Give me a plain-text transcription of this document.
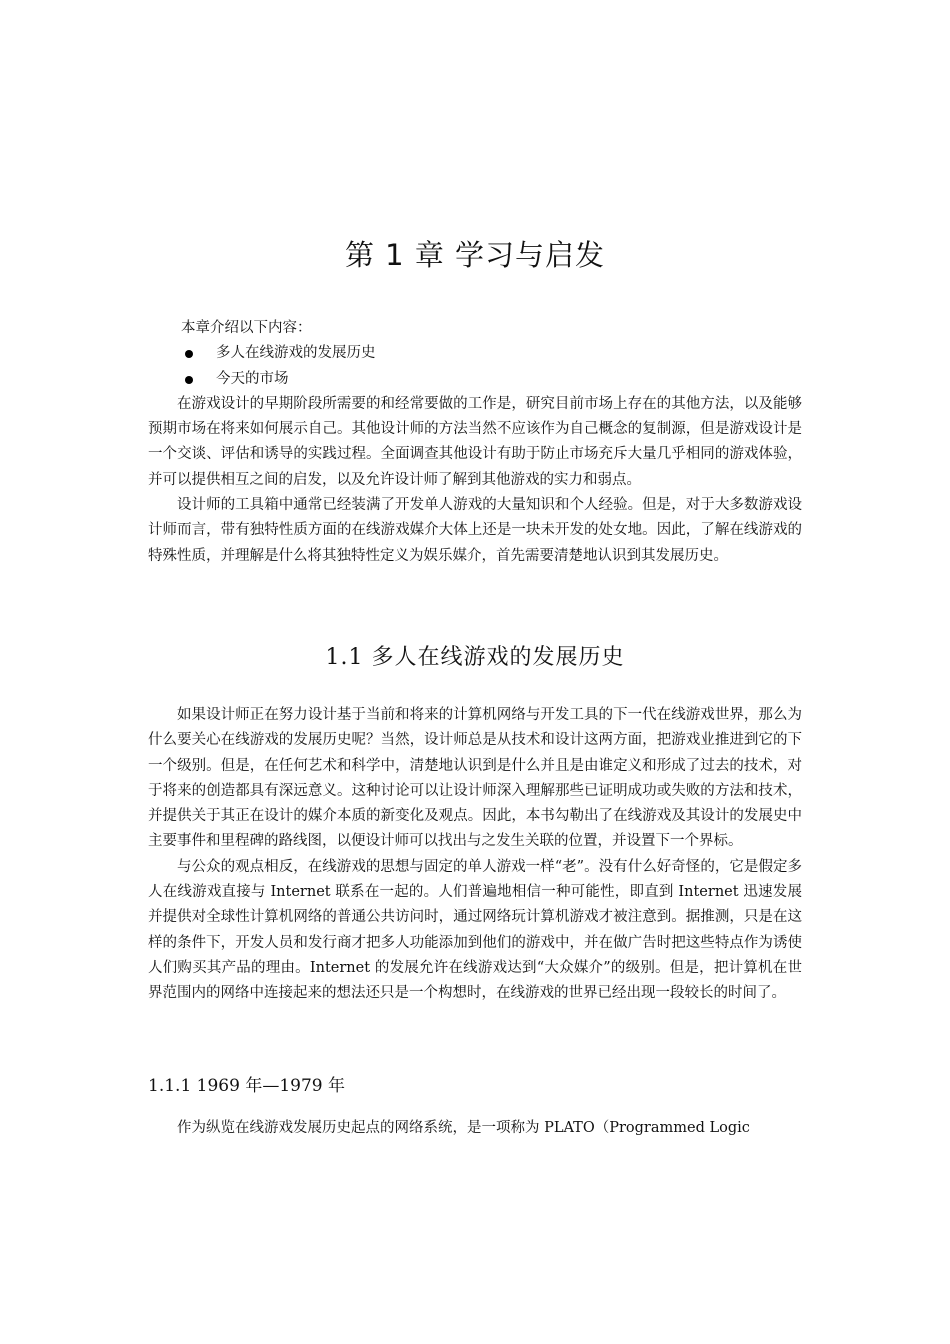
第 1 章 学习与启发

本章介绍以下内容：

多人在线游戏的发展历史
今天的市场

在游戏设计的早期阶段所需要的和经常要做的工作是，研究目前市场上存在的其他方法，以及能够预期市场在将来如何展示自己。其他设计师的方法当然不应该作为自己概念的复制源，但是游戏设计是一个交谈、评估和诱导的实践过程。全面调查其他设计有助于防止市场充斥大量几乎相同的游戏体验，并可以提供相互之间的启发，以及允许设计师了解到其他游戏的实力和弱点。

设计师的工具箱中通常已经装满了开发单人游戏的大量知识和个人经验。但是，对于大多数游戏设计师而言，带有独特性质方面的在线游戏媒介大体上还是一块未开发的处女地。因此，了解在线游戏的特殊性质，并理解是什么将其独特性定义为娱乐媒介，首先需要清楚地认识到其发展历史。

1.1 多人在线游戏的发展历史

如果设计师正在努力设计基于当前和将来的计算机网络与开发工具的下一代在线游戏世界，那么为什么要关心在线游戏的发展历史呢？当然，设计师总是从技术和设计这两方面，把游戏业推进到它的下一个级别。但是，在任何艺术和科学中，清楚地认识到是什么并且是由谁定义和形成了过去的技术，对于将来的创造都具有深远意义。这种讨论可以让设计师深入理解那些已证明成功或失败的方法和技术，并提供关于其正在设计的媒介本质的新变化及观点。因此，本书勾勒出了在线游戏及其设计的发展史中主要事件和里程碑的路线图，以便设计师可以找出与之发生关联的位置，并设置下一个界标。

与公众的观点相反，在线游戏的思想与固定的单人游戏一样“老”。没有什么好奇怪的，它是假定多人在线游戏直接与 Internet 联系在一起的。人们普遍地相信一种可能性，即直到 Internet 迅速发展并提供对全球性计算机网络的普通公共访问时，通过网络玩计算机游戏才被注意到。据推测，只是在这样的条件下，开发人员和发行商才把多人功能添加到他们的游戏中，并在做广告时把这些特点作为诱使人们购买其产品的理由。Internet 的发展允许在线游戏达到“大众媒介”的级别。但是，把计算机在世界范围内的网络中连接起来的想法还只是一个构想时，在线游戏的世界已经出现一段较长的时间了。

1.1.1 1969 年—1979 年

作为纵览在线游戏发展历史起点的网络系统，是一项称为 PLATO（Programmed Logic
